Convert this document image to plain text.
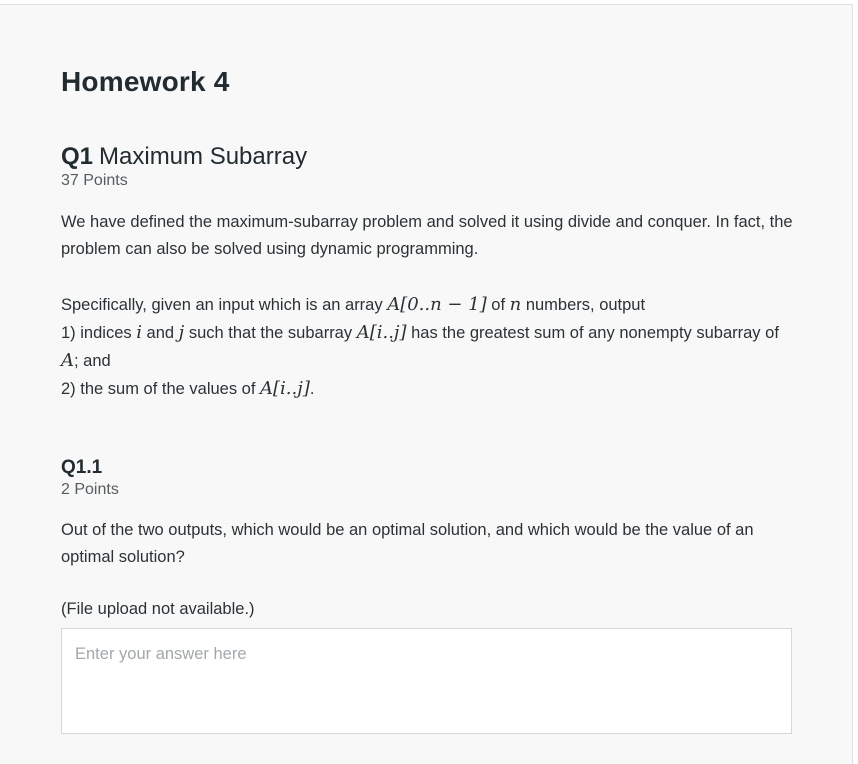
Homework 4
Q1 Maximum Subarray
37 Points

We have defined the maximum-subarray problem and solved it using divide and conquer. In fact, the problem can also be solved using dynamic programming.

Specifically, given an input which is an array A[0..n − 1] of n numbers, output
1) indices i and j such that the subarray A[i..j] has the greatest sum of any nonempty subarray of A; and
2) the sum of the values of A[i..j].

Q1.1
2 Points

Out of the two outputs, which would be an optimal solution, and which would be the value of an optimal solution?

(File upload not available.)
Enter your answer here
